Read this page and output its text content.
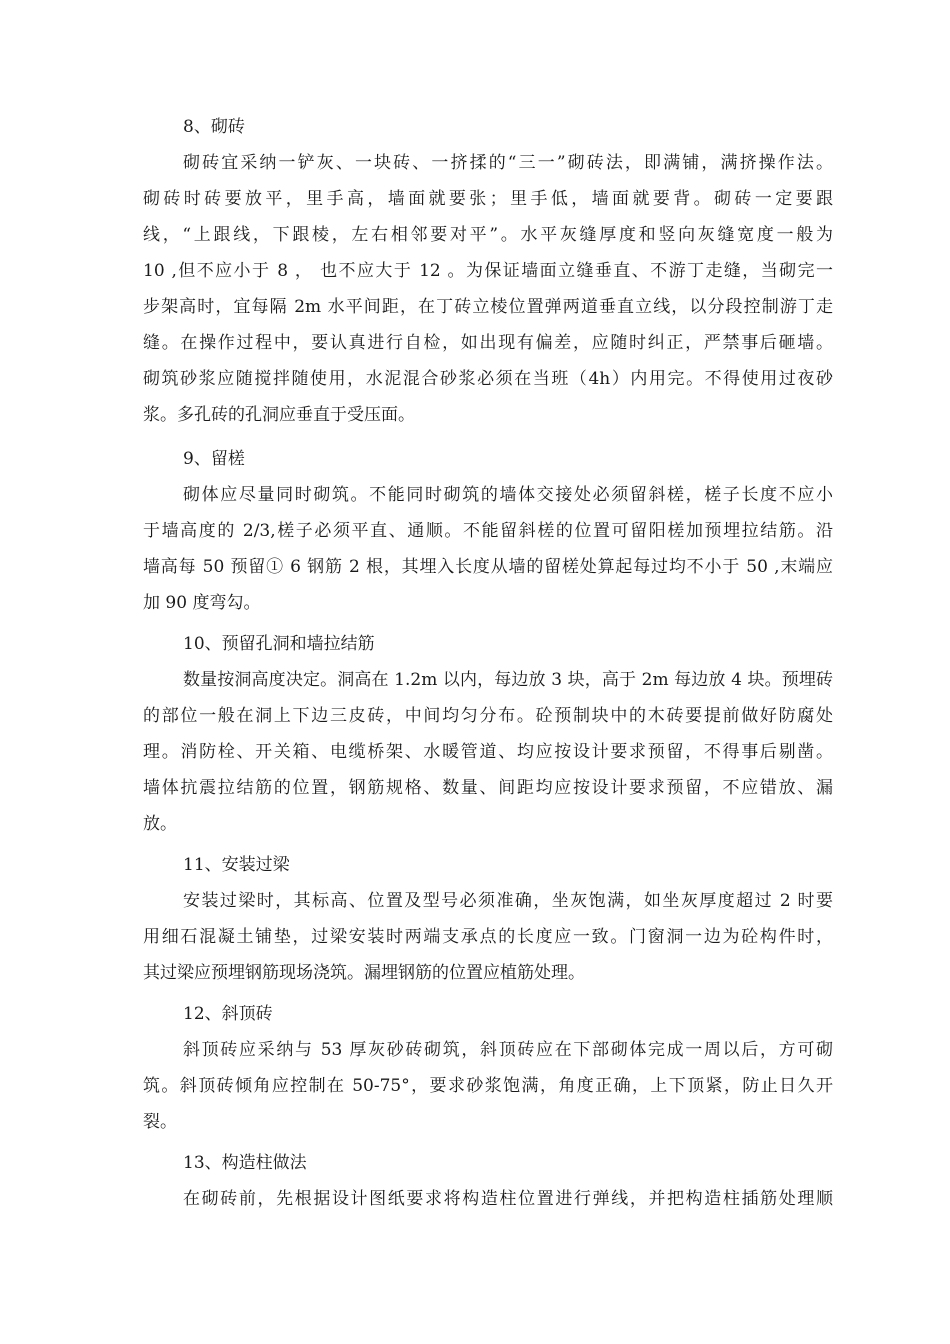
8、砌砖
砌砖宜采纳一铲灰、一块砖、一挤揉的“三一”砌砖法，即满铺，满挤操作法。
砌砖时砖要放平，里手高，墙面就要张；里手低，墙面就要背。砌砖一定要跟
线，“上跟线，下跟棱，左右相邻要对平”。水平灰缝厚度和竖向灰缝宽度一般为
10 ,但不应小于 8 ， 也不应大于 12 。为保证墙面立缝垂直、不游丁走缝，当砌完一
步架高时，宜每隔 2m 水平间距，在丁砖立棱位置弹两道垂直立线，以分段控制游丁走
缝。在操作过程中，要认真进行自检，如出现有偏差，应随时纠正，严禁事后砸墙。
砌筑砂浆应随搅拌随使用，水泥混合砂浆必须在当班（4h）内用完。不得使用过夜砂
浆。多孔砖的孔洞应垂直于受压面。
9、留槎
砌体应尽量同时砌筑。不能同时砌筑的墙体交接处必须留斜槎，槎子长度不应小
于墙高度的 2/3,槎子必须平直、通顺。不能留斜槎的位置可留阳槎加预埋拉结筋。沿
墙高每 50 预留① 6 钢筋 2 根，其埋入长度从墙的留槎处算起每过均不小于 50 ,末端应
加 90 度弯勾。
10、预留孔洞和墙拉结筋
数量按洞高度决定。洞高在 1.2m 以内，每边放 3 块，高于 2m 每边放 4 块。预埋砖
的部位一般在洞上下边三皮砖，中间均匀分布。砼预制块中的木砖要提前做好防腐处
理。消防栓、开关箱、电缆桥架、水暖管道、均应按设计要求预留，不得事后剔凿。
墙体抗震拉结筋的位置，钢筋规格、数量、间距均应按设计要求预留，不应错放、漏
放。
11、安装过梁
安装过梁时，其标高、位置及型号必须准确，坐灰饱满，如坐灰厚度超过 2 时要
用细石混凝土铺垫，过梁安装时两端支承点的长度应一致。门窗洞一边为砼构件时，
其过梁应预埋钢筋现场浇筑。漏埋钢筋的位置应植筋处理。
12、斜顶砖
斜顶砖应采纳与 53 厚灰砂砖砌筑，斜顶砖应在下部砌体完成一周以后，方可砌
筑。斜顶砖倾角应控制在 50-75°，要求砂浆饱满，角度正确，上下顶紧，防止日久开
裂。
13、构造柱做法
在砌砖前，先根据设计图纸要求将构造柱位置进行弹线，并把构造柱插筋处理顺
